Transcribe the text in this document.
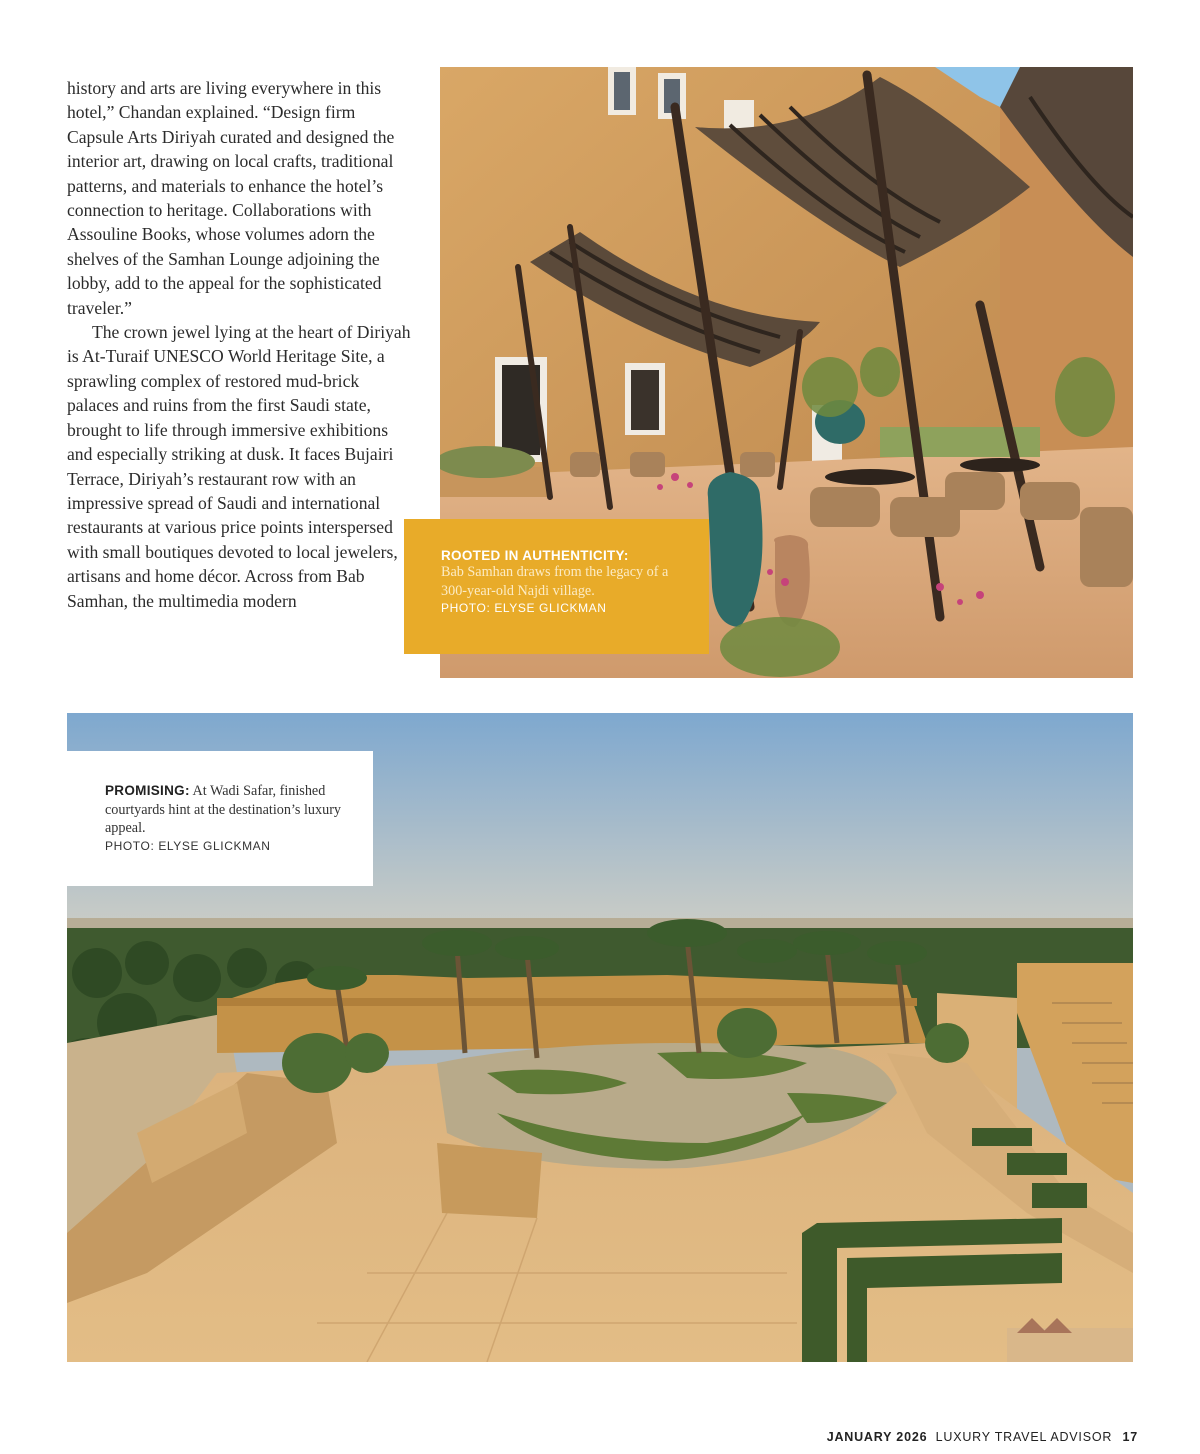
history and arts are living everywhere in this hotel,” Chandan explained. “Design firm Capsule Arts Diriyah curated and designed the interior art, drawing on local crafts, traditional patterns, and materials to enhance the hotel’s connection to heritage. Collaborations with Assouline Books, whose volumes adorn the shelves of the Samhan Lounge adjoining the lobby, add to the appeal for the sophisticated traveler.”

The crown jewel lying at the heart of Diriyah is At-Turaif UNESCO World Heritage Site, a sprawling complex of restored mud-brick palaces and ruins from the first Saudi state, brought to life through immersive exhibitions and especially striking at dusk. It faces Bujairi Terrace, Diriyah’s restaurant row with an impressive spread of Saudi and international restaurants at various price points interspersed with small boutiques devoted to local jewelers, artisans and home décor. Across from Bab Samhan, the multimedia modern

ROOTED IN AUTHENTICITY:
Bab Samhan draws from the legacy of a 300-year-old Najdi village.
PHOTO: ELYSE GLICKMAN
PROMISING: At Wadi Safar, finished courtyards hint at the destination’s luxury appeal.
PHOTO: ELYSE GLICKMAN
JANUARY 2026 LUXURY TRAVEL ADVISOR 17
